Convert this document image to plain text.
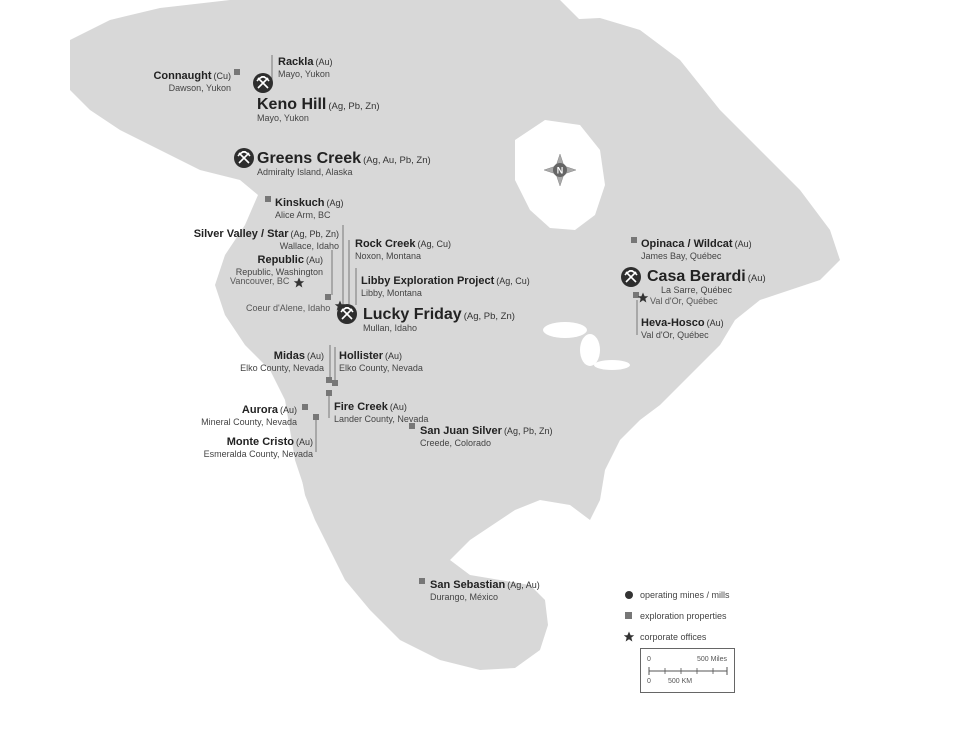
N
Rackla (Au)
Mayo, Yukon
Connaught (Cu)
Dawson, Yukon
Keno Hill (Ag, Pb, Zn)
Mayo, Yukon
Greens Creek (Ag, Au, Pb, Zn)
Admiralty Island, Alaska
Kinskuch (Ag)
Alice Arm, BC
Silver Valley / Star (Ag, Pb, Zn)
Wallace, Idaho Rock Creek (Ag, Cu)
Noxon, Montana
Republic (Au)
Republic, Washington
Vancouver, BC	Libby Exploration Project (Ag, Cu)
Libby, Montana
Coeur d'Alene, Idaho Lucky Friday (Ag, Pb, Zn)
Mullan, Idaho
Midas (Au)
Elko County, Nevada
Hollister (Au)
Elko County, Nevada
Aurora (Au)
Mineral County, Nevada
Fire Creek (Au)
Lander County, Nevada
San Juan Silver (Ag, Pb, Zn)
Creede, Colorado
Monte Cristo (Au)
Esmeralda County, Nevada
Opinaca / Wildcat (Au)
James Bay, Québec
Casa Berardi (Au)
La Sarre, Québec
Val d'Or, Québec
Heva-Hosco (Au)
Val d'Or, Québec
San Sebastian (Ag, Au)
Durango, México	operating mines / mills
exploration properties
corporate offices
0	500 Miles
0 500 KM
